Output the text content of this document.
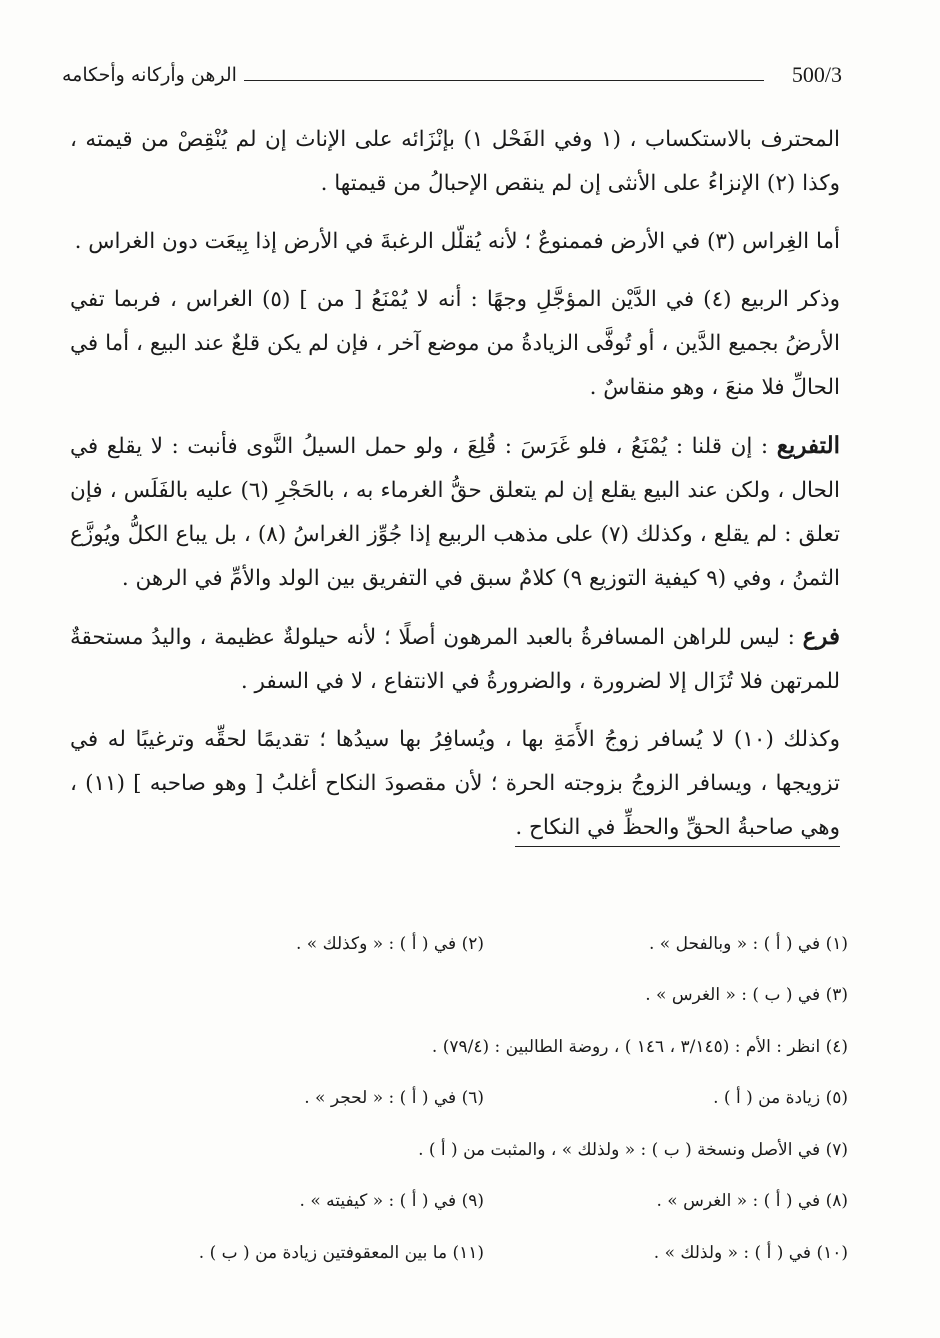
500/3
الرهن وأركانه وأحكامه

المحترف بالاستكساب ، (١ وفي الفَحْل ١) بإنْزَائه على الإناث إن لم يُنْقِصْ من قيمته ، وكذا (٢) الإنزاءُ على الأنثى إن لم ينقص الإحبالُ من قيمتها .

أما الغِراس (٣) في الأرض فممنوعٌ ؛ لأنه يُقلّل الرغبةَ في الأرض إذا بِيعَت دون الغراس .

وذكر الربيع (٤) في الدَّيْن المؤجَّلِ وجهًا : أنه لا يُمْنَعُ [ من ] (٥) الغراس ، فربما تفي الأرضُ بجميع الدَّين ، أو تُوفَّى الزيادةُ من موضع آخر ، فإن لم يكن قلعٌ عند البيع ، أما في الحالِّ فلا منعَ ، وهو منقاسٌ .

التفريع : إن قلنا : يُمْنَعُ ، فلو غَرَسَ : قُلِعَ ، ولو حمل السيلُ النَّوى فأنبت : لا يقلع في الحال ، ولكن عند البيع يقلع إن لم يتعلق حقُّ الغرماء به ، بالحَجْرِ (٦) عليه بالفَلَس ، فإن تعلق : لم يقلع ، وكذلك (٧) على مذهب الربيع إذا جُوِّز الغراسُ (٨) ، بل يباع الكلُّ ويُوزَّع الثمنُ ، وفي (٩ كيفية التوزيع ٩) كلامٌ سبق في التفريق بين الولد والأمِّ في الرهن .

فرع : ليس للراهن المسافرةُ بالعبد المرهون أصلًا ؛ لأنه حيلولةٌ عظيمة ، واليدُ مستحقةٌ للمرتهن فلا تُزَال إلا لضرورة ، والضرورةُ في الانتفاع ، لا في السفر .

وكذلك (١٠) لا يُسافر زوجُ الأَمَةِ بها ، ويُسافِرُ بها سيدُها ؛ تقديمًا لحقِّه وترغيبًا له في تزويجها ، ويسافر الزوجُ بزوجته الحرة ؛ لأن مقصودَ النكاح أغلبُ [ وهو صاحبه ] (١١) ، وهي صاحبةُ الحقِّ والحظِّ في النكاح .

(١) في ( أ ) : « وبالفحل » .
(٢) في ( أ ) : « وكذلك » .
(٣) في ( ب ) : « الغرس » .
(٤) انظر : الأم : (٣/١٤٥ ، ١٤٦ ) ، روضة الطالبين : (٧٩/٤) .
(٥) زيادة من ( أ ) .
(٦) في ( أ ) : « لحجر » .
(٧) في الأصل ونسخة ( ب ) : « ولذلك » ، والمثبت من ( أ ) .
(٨) في ( أ ) : « الغرس » .
(٩) في ( أ ) : « كيفيته » .
(١٠) في ( أ ) : « ولذلك » .
(١١) ما بين المعقوفتين زيادة من ( ب ) .
